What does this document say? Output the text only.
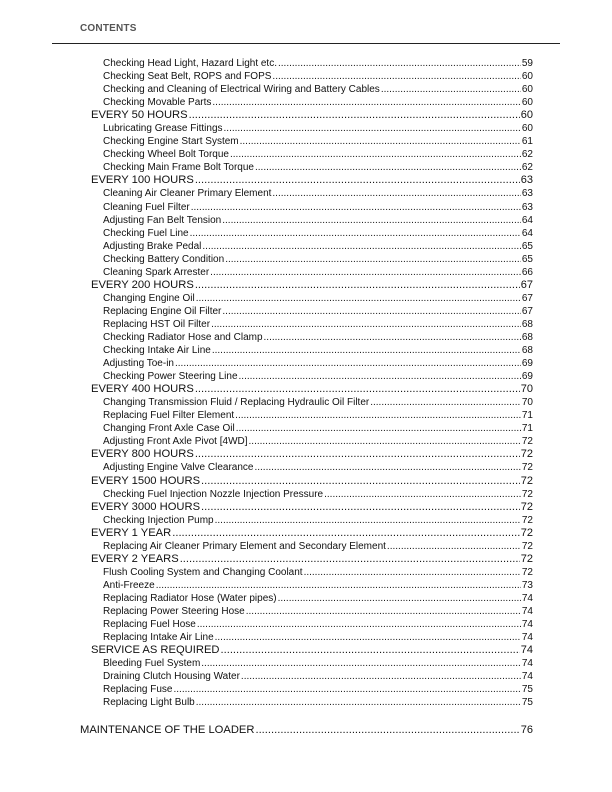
CONTENTS
Checking Head Light, Hazard Light etc. .....	59
Checking Seat Belt, ROPS and FOPS .....	60
Checking and Cleaning of Electrical Wiring and Battery Cables .....	60
Checking Movable Parts .....	60
EVERY 50 HOURS .....	60
Lubricating Grease Fittings .....	60
Checking Engine Start System .....	61
Checking Wheel Bolt Torque .....	62
Checking Main Frame Bolt Torque .....	62
EVERY 100 HOURS .....	63
Cleaning Air Cleaner Primary Element .....	63
Cleaning Fuel Filter .....	63
Adjusting Fan Belt Tension .....	64
Checking Fuel Line .....	64
Adjusting Brake Pedal .....	65
Checking Battery Condition .....	65
Cleaning Spark Arrester .....	66
EVERY 200 HOURS .....	67
Changing Engine Oil .....	67
Replacing Engine Oil Filter .....	67
Replacing HST Oil Filter .....	68
Checking Radiator Hose and Clamp .....	68
Checking Intake Air Line .....	68
Adjusting Toe-in .....	69
Checking Power Steering Line .....	69
EVERY 400 HOURS .....	70
Changing Transmission Fluid / Replacing Hydraulic Oil Filter .....	70
Replacing Fuel Filter Element .....	71
Changing Front Axle Case Oil .....	71
Adjusting Front Axle Pivot [4WD] .....	72
EVERY 800 HOURS .....	72
Adjusting Engine Valve Clearance .....	72
EVERY 1500 HOURS .....	72
Checking Fuel Injection Nozzle Injection Pressure .....	72
EVERY 3000 HOURS .....	72
Checking Injection Pump .....	72
EVERY 1 YEAR .....	72
Replacing Air Cleaner Primary Element and Secondary Element .....	72
EVERY 2 YEARS .....	72
Flush Cooling System and Changing Coolant .....	72
Anti-Freeze .....	73
Replacing Radiator Hose (Water pipes) .....	74
Replacing Power Steering Hose .....	74
Replacing Fuel Hose .....	74
Replacing Intake Air Line .....	74
SERVICE AS REQUIRED .....	74
Bleeding Fuel System .....	74
Draining Clutch Housing Water .....	74
Replacing Fuse .....	75
Replacing Light Bulb .....	75
MAINTENANCE OF THE LOADER .....	76
